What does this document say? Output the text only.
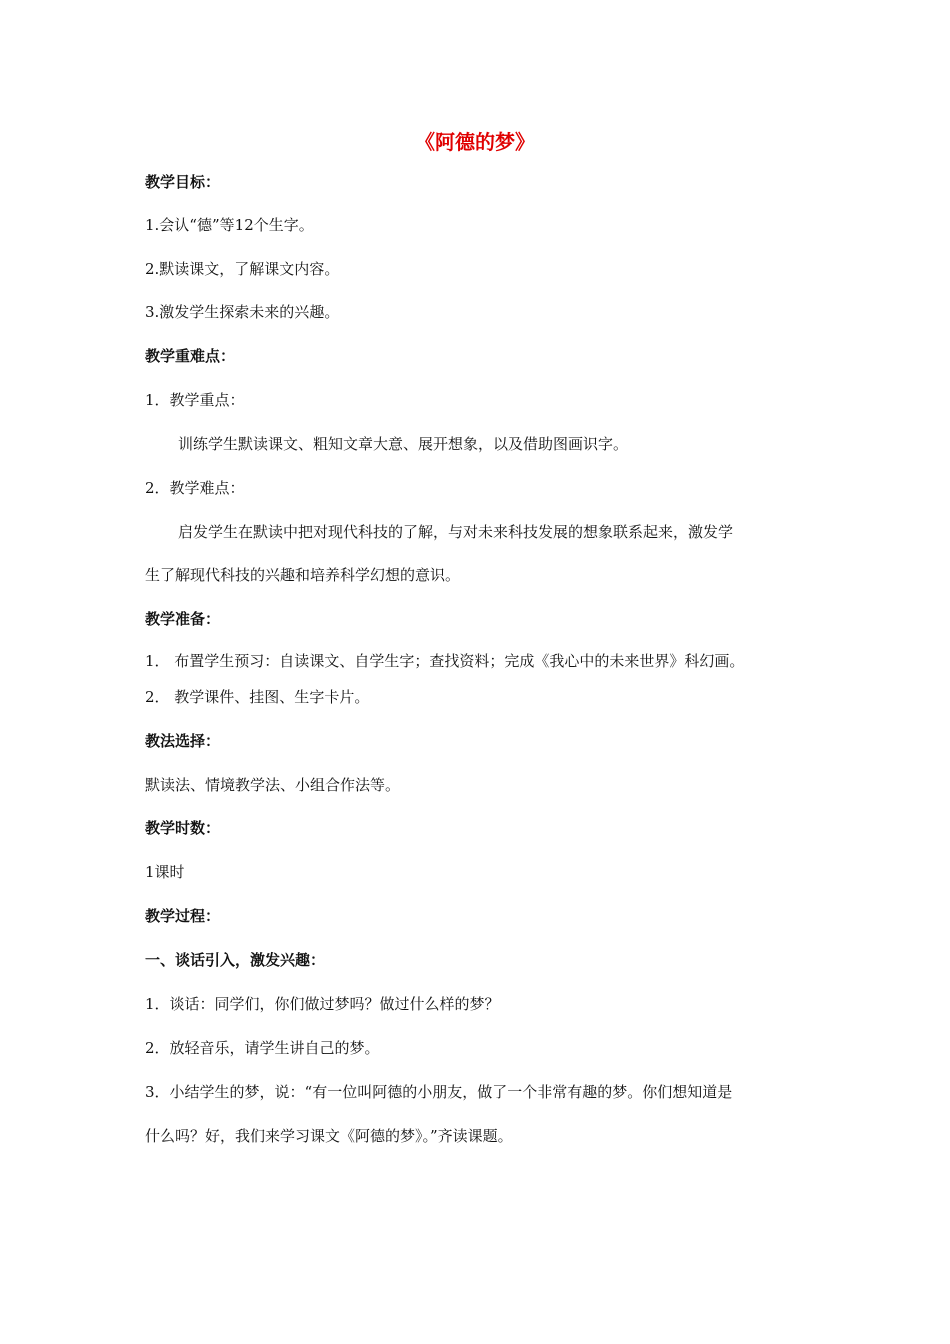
《阿德的梦》
教学目标：
1.会认“德”等12个生字。
2.默读课文，了解课文内容。
3.激发学生探索未来的兴趣。
教学重难点：
1．教学重点：
训练学生默读课文、粗知文章大意、展开想象，以及借助图画识字。
2．教学难点：
启发学生在默读中把对现代科技的了解，与对未来科技发展的想象联系起来，激发学
生了解现代科技的兴趣和培养科学幻想的意识。
教学准备：
1． 布置学生预习：自读课文、自学生字；查找资料；完成《我心中的未来世界》科幻画。
2． 教学课件、挂图、生字卡片。
教法选择：
默读法、情境教学法、小组合作法等。
教学时数：
1课时
教学过程：
一、谈话引入，激发兴趣：
1．谈话：同学们，你们做过梦吗？做过什么样的梦？
2．放轻音乐，请学生讲自己的梦。
3．小结学生的梦，说：“有一位叫阿德的小朋友，做了一个非常有趣的梦。你们想知道是
什么吗？好，我们来学习课文《阿德的梦》。”齐读课题。
